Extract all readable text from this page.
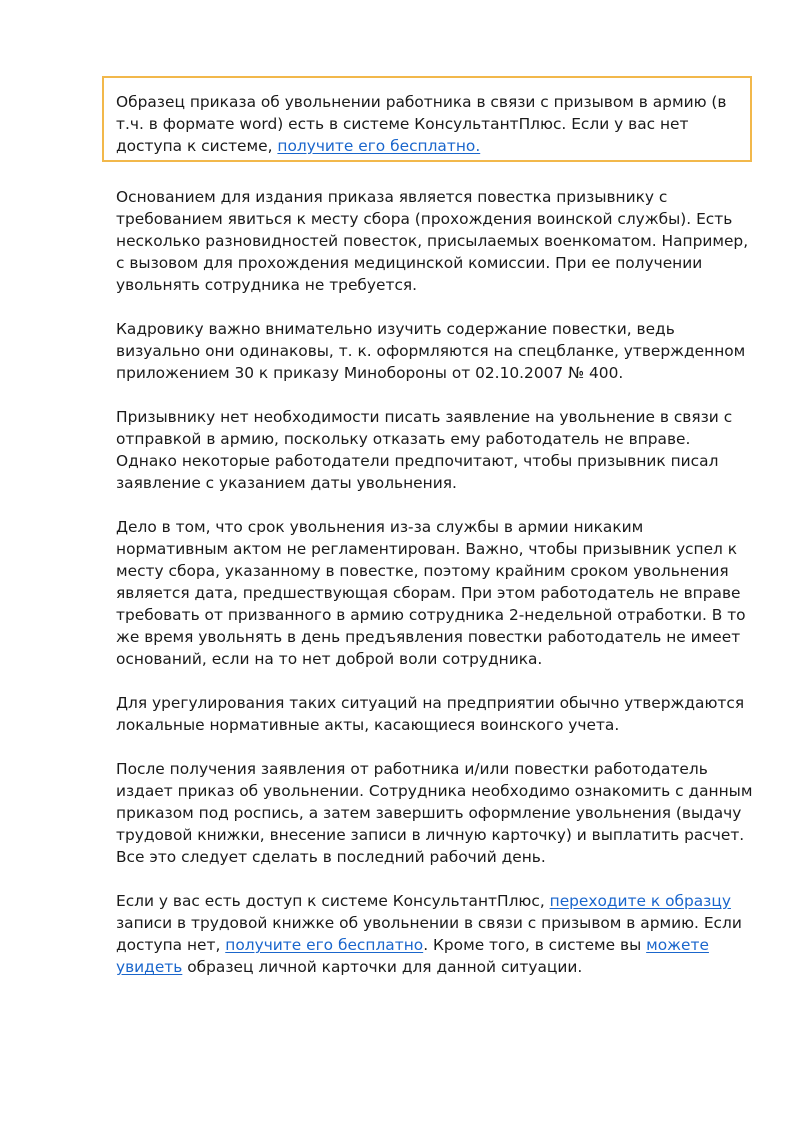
Образец приказа об увольнении работника в связи с призывом в армию (в т.ч. в формате word) есть в системе КонсультантПлюс. Если у вас нет доступа к системе, получите его бесплатно.

Основанием для издания приказа является повестка призывнику с требованием явиться к месту сбора (прохождения воинской службы). Есть несколько разновидностей повесток, присылаемых военкоматом. Например, с вызовом для прохождения медицинской комиссии. При ее получении увольнять сотрудника не требуется.

Кадровику важно внимательно изучить содержание повестки, ведь визуально они одинаковы, т. к. оформляются на спецбланке, утвержденном приложением 30 к приказу Минобороны от 02.10.2007 № 400.

Призывнику нет необходимости писать заявление на увольнение в связи с отправкой в армию, поскольку отказать ему работодатель не вправе. Однако некоторые работодатели предпочитают, чтобы призывник писал заявление с указанием даты увольнения.

Дело в том, что срок увольнения из-за службы в армии никаким нормативным актом не регламентирован. Важно, чтобы призывник успел к месту сбора, указанному в повестке, поэтому крайним сроком увольнения является дата, предшествующая сборам. При этом работодатель не вправе требовать от призванного в армию сотрудника 2-недельной отработки. В то же время увольнять в день предъявления повестки работодатель не имеет оснований, если на то нет доброй воли сотрудника.

Для урегулирования таких ситуаций на предприятии обычно утверждаются локальные нормативные акты, касающиеся воинского учета.

После получения заявления от работника и/или повестки работодатель издает приказ об увольнении. Сотрудника необходимо ознакомить с данным приказом под роспись, а затем завершить оформление увольнения (выдачу трудовой книжки, внесение записи в личную карточку) и выплатить расчет. Все это следует сделать в последний рабочий день.

Если у вас есть доступ к системе КонсультантПлюс, переходите к образцу записи в трудовой книжке об увольнении в связи с призывом в армию. Если доступа нет, получите его бесплатно. Кроме того, в системе вы можете увидеть образец личной карточки для данной ситуации.
